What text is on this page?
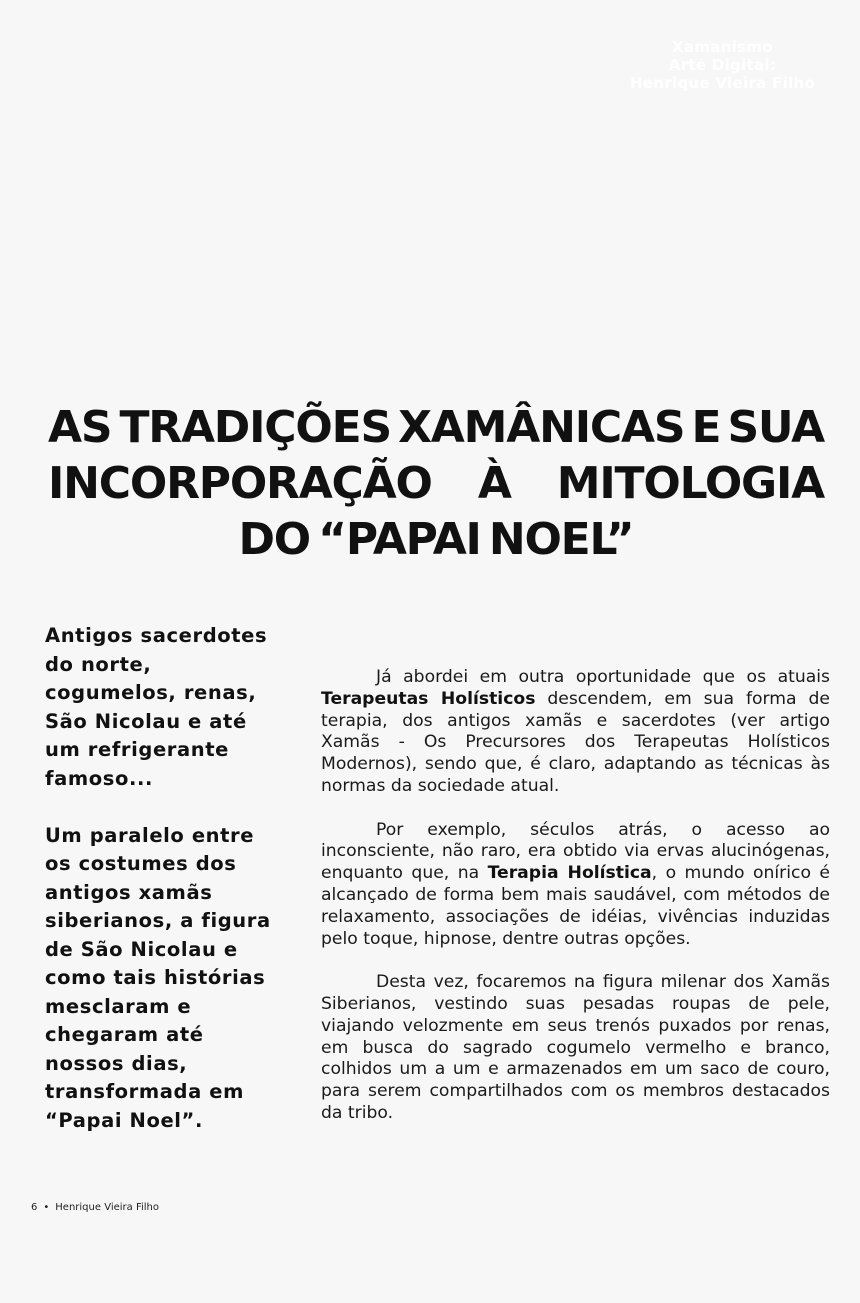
Xamanismo
Arte Digital:
Henrique Vieira Filho
AS TRADIÇÕES XAMÂNICAS E SUA
INCORPORAÇÃO À MITOLOGIA
DO “PAPAI NOEL”

Antigos sacerdotes do norte, cogumelos, renas, São Nicolau e até um refrigerante famoso...

Um paralelo entre os costumes dos antigos xamãs siberianos, a figura de São Nicolau e como tais histórias mesclaram e chegaram até nossos dias, transformada em “Papai Noel”.

Já abordei em outra oportunidade que os atuais Terapeutas Holísticos descendem, em sua forma de terapia, dos antigos xamãs e sacerdotes (ver artigo Xamãs - Os Precursores dos Terapeutas Holísticos Modernos), sendo que, é claro, adaptando as técnicas às normas da sociedade atual.

Por exemplo, séculos atrás, o acesso ao inconsciente, não raro, era obtido via ervas alucinógenas, enquanto que, na Terapia Holística, o mundo onírico é alcançado de forma bem mais saudável, com métodos de relaxamento, associações de idéias, vivências induzidas pelo toque, hipnose, dentre outras opções.

Desta vez, focaremos na figura milenar dos Xamãs Siberianos, vestindo suas pesadas roupas de pele, viajando velozmente em seus trenós puxados por renas, em busca do sagrado cogumelo vermelho e branco, colhidos um a um e armazenados em um saco de couro, para serem compartilhados com os membros destacados da tribo.

6 • Henrique Vieira Filho
